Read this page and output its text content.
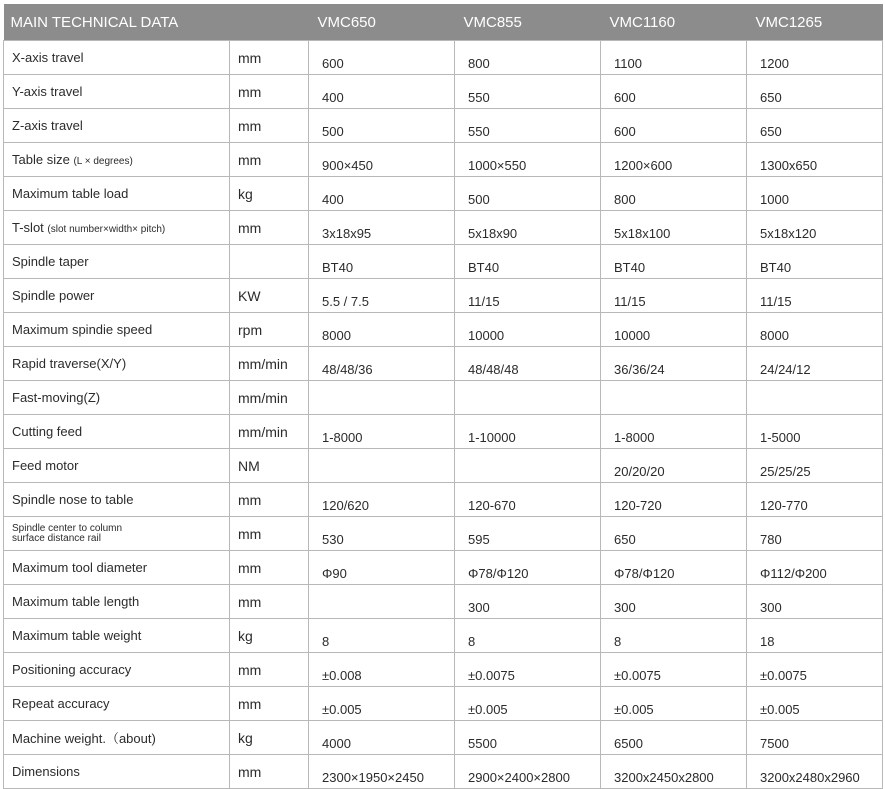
MAIN TECHNICAL DATA		VMC650	VMC855	VMC1160	VMC1265
X-axis travel	mm	600	800	1100	1200
Y-axis travel	mm	400	550	600	650
Z-axis travel	mm	500	550	600	650
Table size (L × degrees)	mm	900×450	1000×550	1200×600	1300x650
Maximum table load	kg	400	500	800	1000
T-slot (slot number×width× pitch)	mm	3x18x95	5x18x90	5x18x100	5x18x120
Spindle taper		BT40	BT40	BT40	BT40
Spindle power	KW	5.5 / 7.5	11/15	11/15	11/15
Maximum spindie speed	rpm	8000	10000	10000	8000
Rapid traverse(X/Y)	mm/min	48/48/36	48/48/48	36/36/24	24/24/12
Fast-moving(Z)	mm/min				
Cutting feed	mm/min	1-8000	1-10000	1-8000	1-5000
Feed motor	NM			20/20/20	25/25/25
Spindle nose to table	mm	120/620	120-670	120-720	120-770

Spindle center to column
surface distance rail	mm	530	595	650	780
Maximum tool diameter	mm	Φ90	Φ78/Φ120	Φ78/Φ120	Φ112/Φ200
Maximum table length	mm		300	300	300
Maximum table weight	kg	8	8	8	18
Positioning accuracy	mm	±0.008	±0.0075	±0.0075	±0.0075
Repeat accuracy	mm	±0.005	±0.005	±0.005	±0.005
Machine weight.（about)	kg	4000	5500	6500	7500
Dimensions	mm	2300×1950×2450	2900×2400×2800	3200x2450x2800	3200x2480x2960
